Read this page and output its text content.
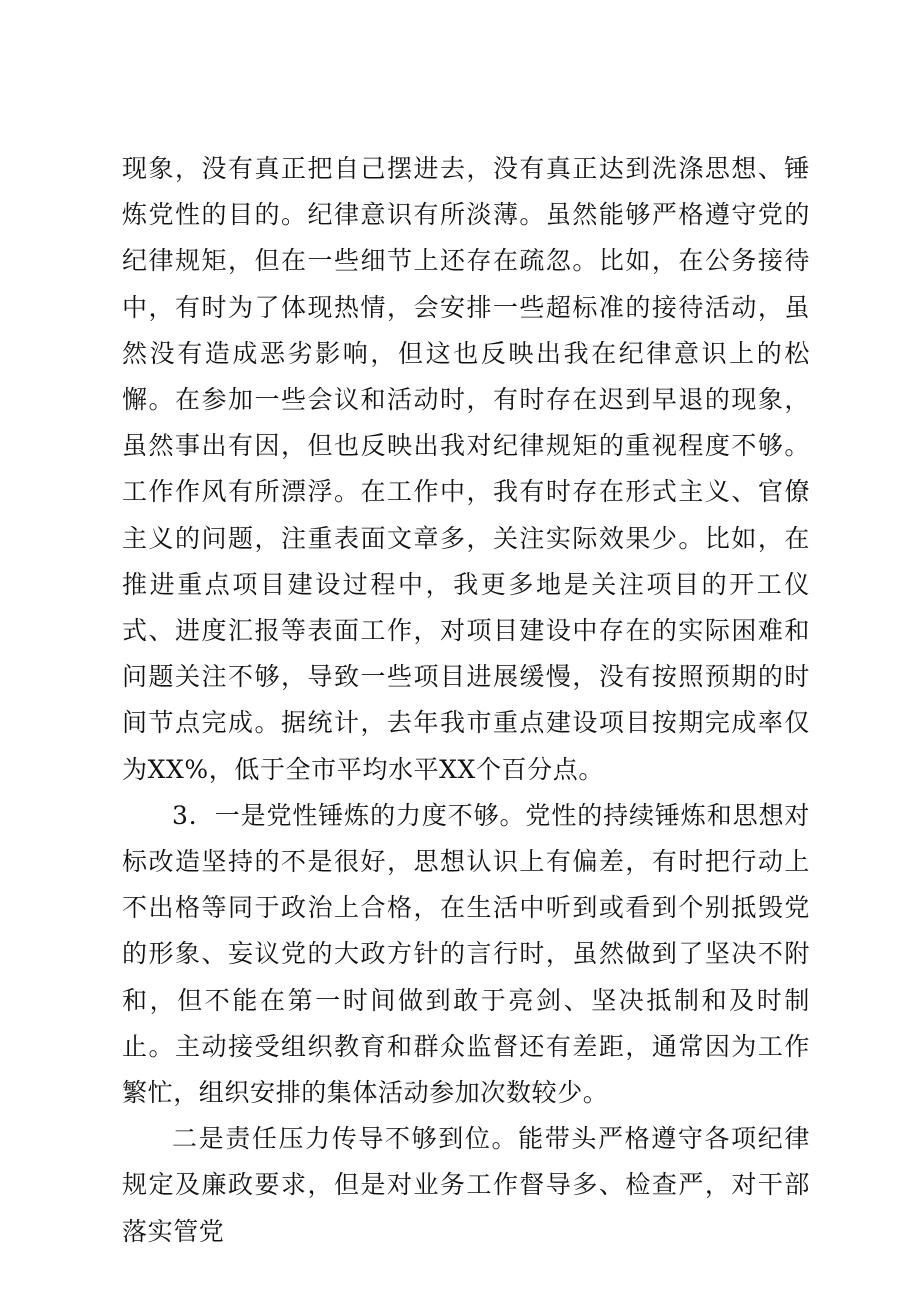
现象，没有真正把自己摆进去，没有真正达到洗涤思想、锤炼党性的目的。纪律意识有所淡薄。虽然能够严格遵守党的纪律规矩，但在一些细节上还存在疏忽。比如，在公务接待中，有时为了体现热情，会安排一些超标准的接待活动，虽然没有造成恶劣影响，但这也反映出我在纪律意识上的松懈。在参加一些会议和活动时，有时存在迟到早退的现象，虽然事出有因，但也反映出我对纪律规矩的重视程度不够。工作作风有所漂浮。在工作中，我有时存在形式主义、官僚主义的问题，注重表面文章多，关注实际效果少。比如，在推进重点项目建设过程中，我更多地是关注项目的开工仪式、进度汇报等表面工作，对项目建设中存在的实际困难和问题关注不够，导致一些项目进展缓慢，没有按照预期的时间节点完成。据统计，去年我市重点建设项目按期完成率仅为XX%，低于全市平均水平XX个百分点。

3．一是党性锤炼的力度不够。党性的持续锤炼和思想对标改造坚持的不是很好，思想认识上有偏差，有时把行动上不出格等同于政治上合格，在生活中听到或看到个别抵毁党的形象、妄议党的大政方针的言行时，虽然做到了坚决不附和，但不能在第一时间做到敢于亮剑、坚决抵制和及时制止。主动接受组织教育和群众监督还有差距，通常因为工作繁忙，组织安排的集体活动参加次数较少。

二是责任压力传导不够到位。能带头严格遵守各项纪律规定及廉政要求，但是对业务工作督导多、检查严，对干部落实管党
